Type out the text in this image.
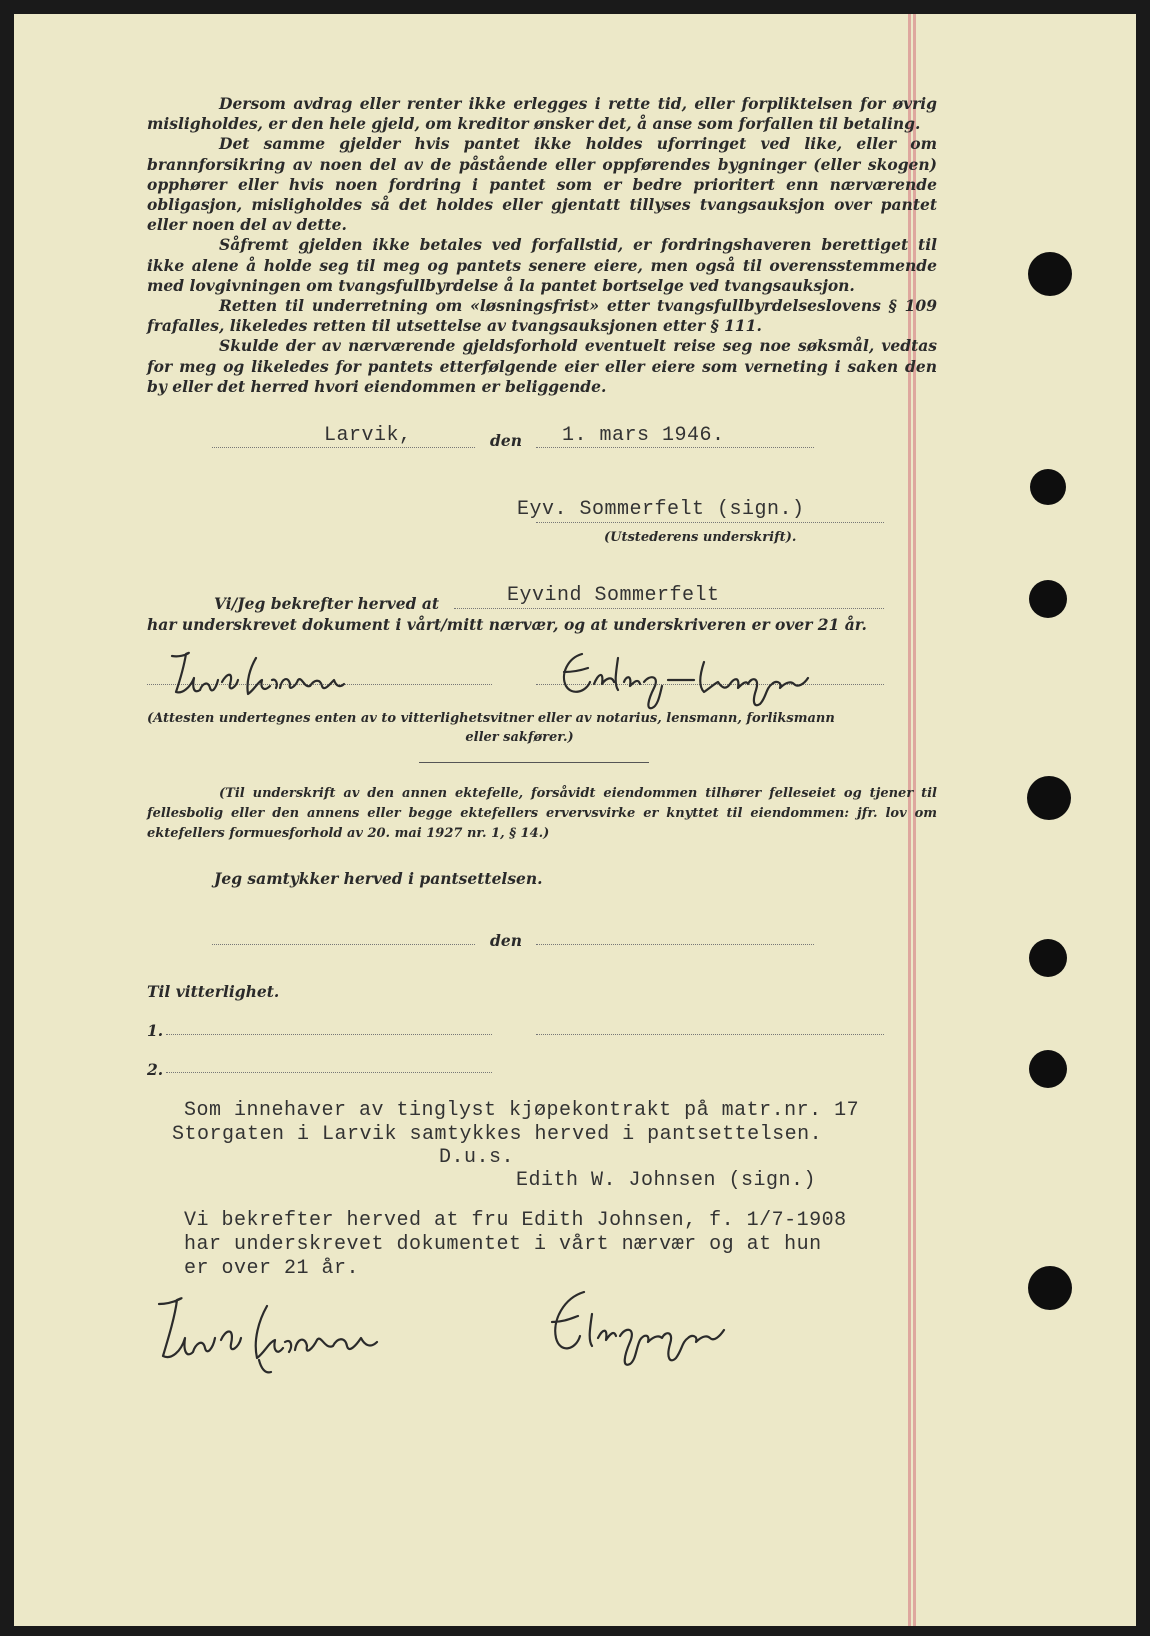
Dersom avdrag eller renter ikke erlegges i rette tid, eller forpliktelsen for øvrig misligholdes, er den hele gjeld, om kreditor ønsker det, å anse som forfallen til betaling.

Det samme gjelder hvis pantet ikke holdes uforringet ved like, eller om brannforsikring av noen del av de påstående eller oppførendes bygninger (eller skogen) opphører eller hvis noen fordring i pantet som er bedre prioritert enn nærværende obligasjon, misligholdes så det holdes eller gjentatt tillyses tvangsauksjon over pantet eller noen del av dette.

Såfremt gjelden ikke betales ved forfallstid, er fordringshaveren berettiget til ikke alene å holde seg til meg og pantets senere eiere, men også til overensstemmende med lovgivningen om tvangsfullbyrdelse å la pantet bortselge ved tvangsauksjon.

Retten til underretning om «løsningsfrist» etter tvangsfullbyrdelseslovens § 109 frafalles, likeledes retten til utsettelse av tvangsauksjonen etter § 111.

Skulde der av nærværende gjeldsforhold eventuelt reise seg noe søksmål, vedtas for meg og likeledes for pantets etterfølgende eier eller eiere som verneting i saken den by eller det herred hvori eiendommen er beliggende.

Larvik,	den 1. mars 1946.
Eyv. Sommerfelt (sign.)
(Utstederens underskrift).
Vi/Jeg bekrefter herved at	Eyvind Sommerfelt
har underskrevet dokument i vårt/mitt nærvær, og at underskriveren er over 21 år.
(Attesten undertegnes enten av to vitterlighetsvitner eller av notarius, lensmann, forliksmann
eller sakfører.)

(Til underskrift av den annen ektefelle, forsåvidt eiendommen tilhører felleseiet og tjener til fellesbolig eller den annens eller begge ektefellers ervervsvirke er knyttet til eiendommen: jfr. lov om ektefellers formuesforhold av 20. mai 1927 nr. 1, § 14.)

Jeg samtykker herved i pantsettelsen.
den
Til vitterlighet.
1.
2.
Som innehaver av tinglyst kjøpekontrakt på matr.nr. 17
Storgaten i Larvik samtykkes herved i pantsettelsen.
D.u.s.
Edith W. Johnsen (sign.)
Vi bekrefter herved at fru Edith Johnsen, f. 1/7-1908
har underskrevet dokumentet i vårt nærvær og at hun
er over 21 år.
